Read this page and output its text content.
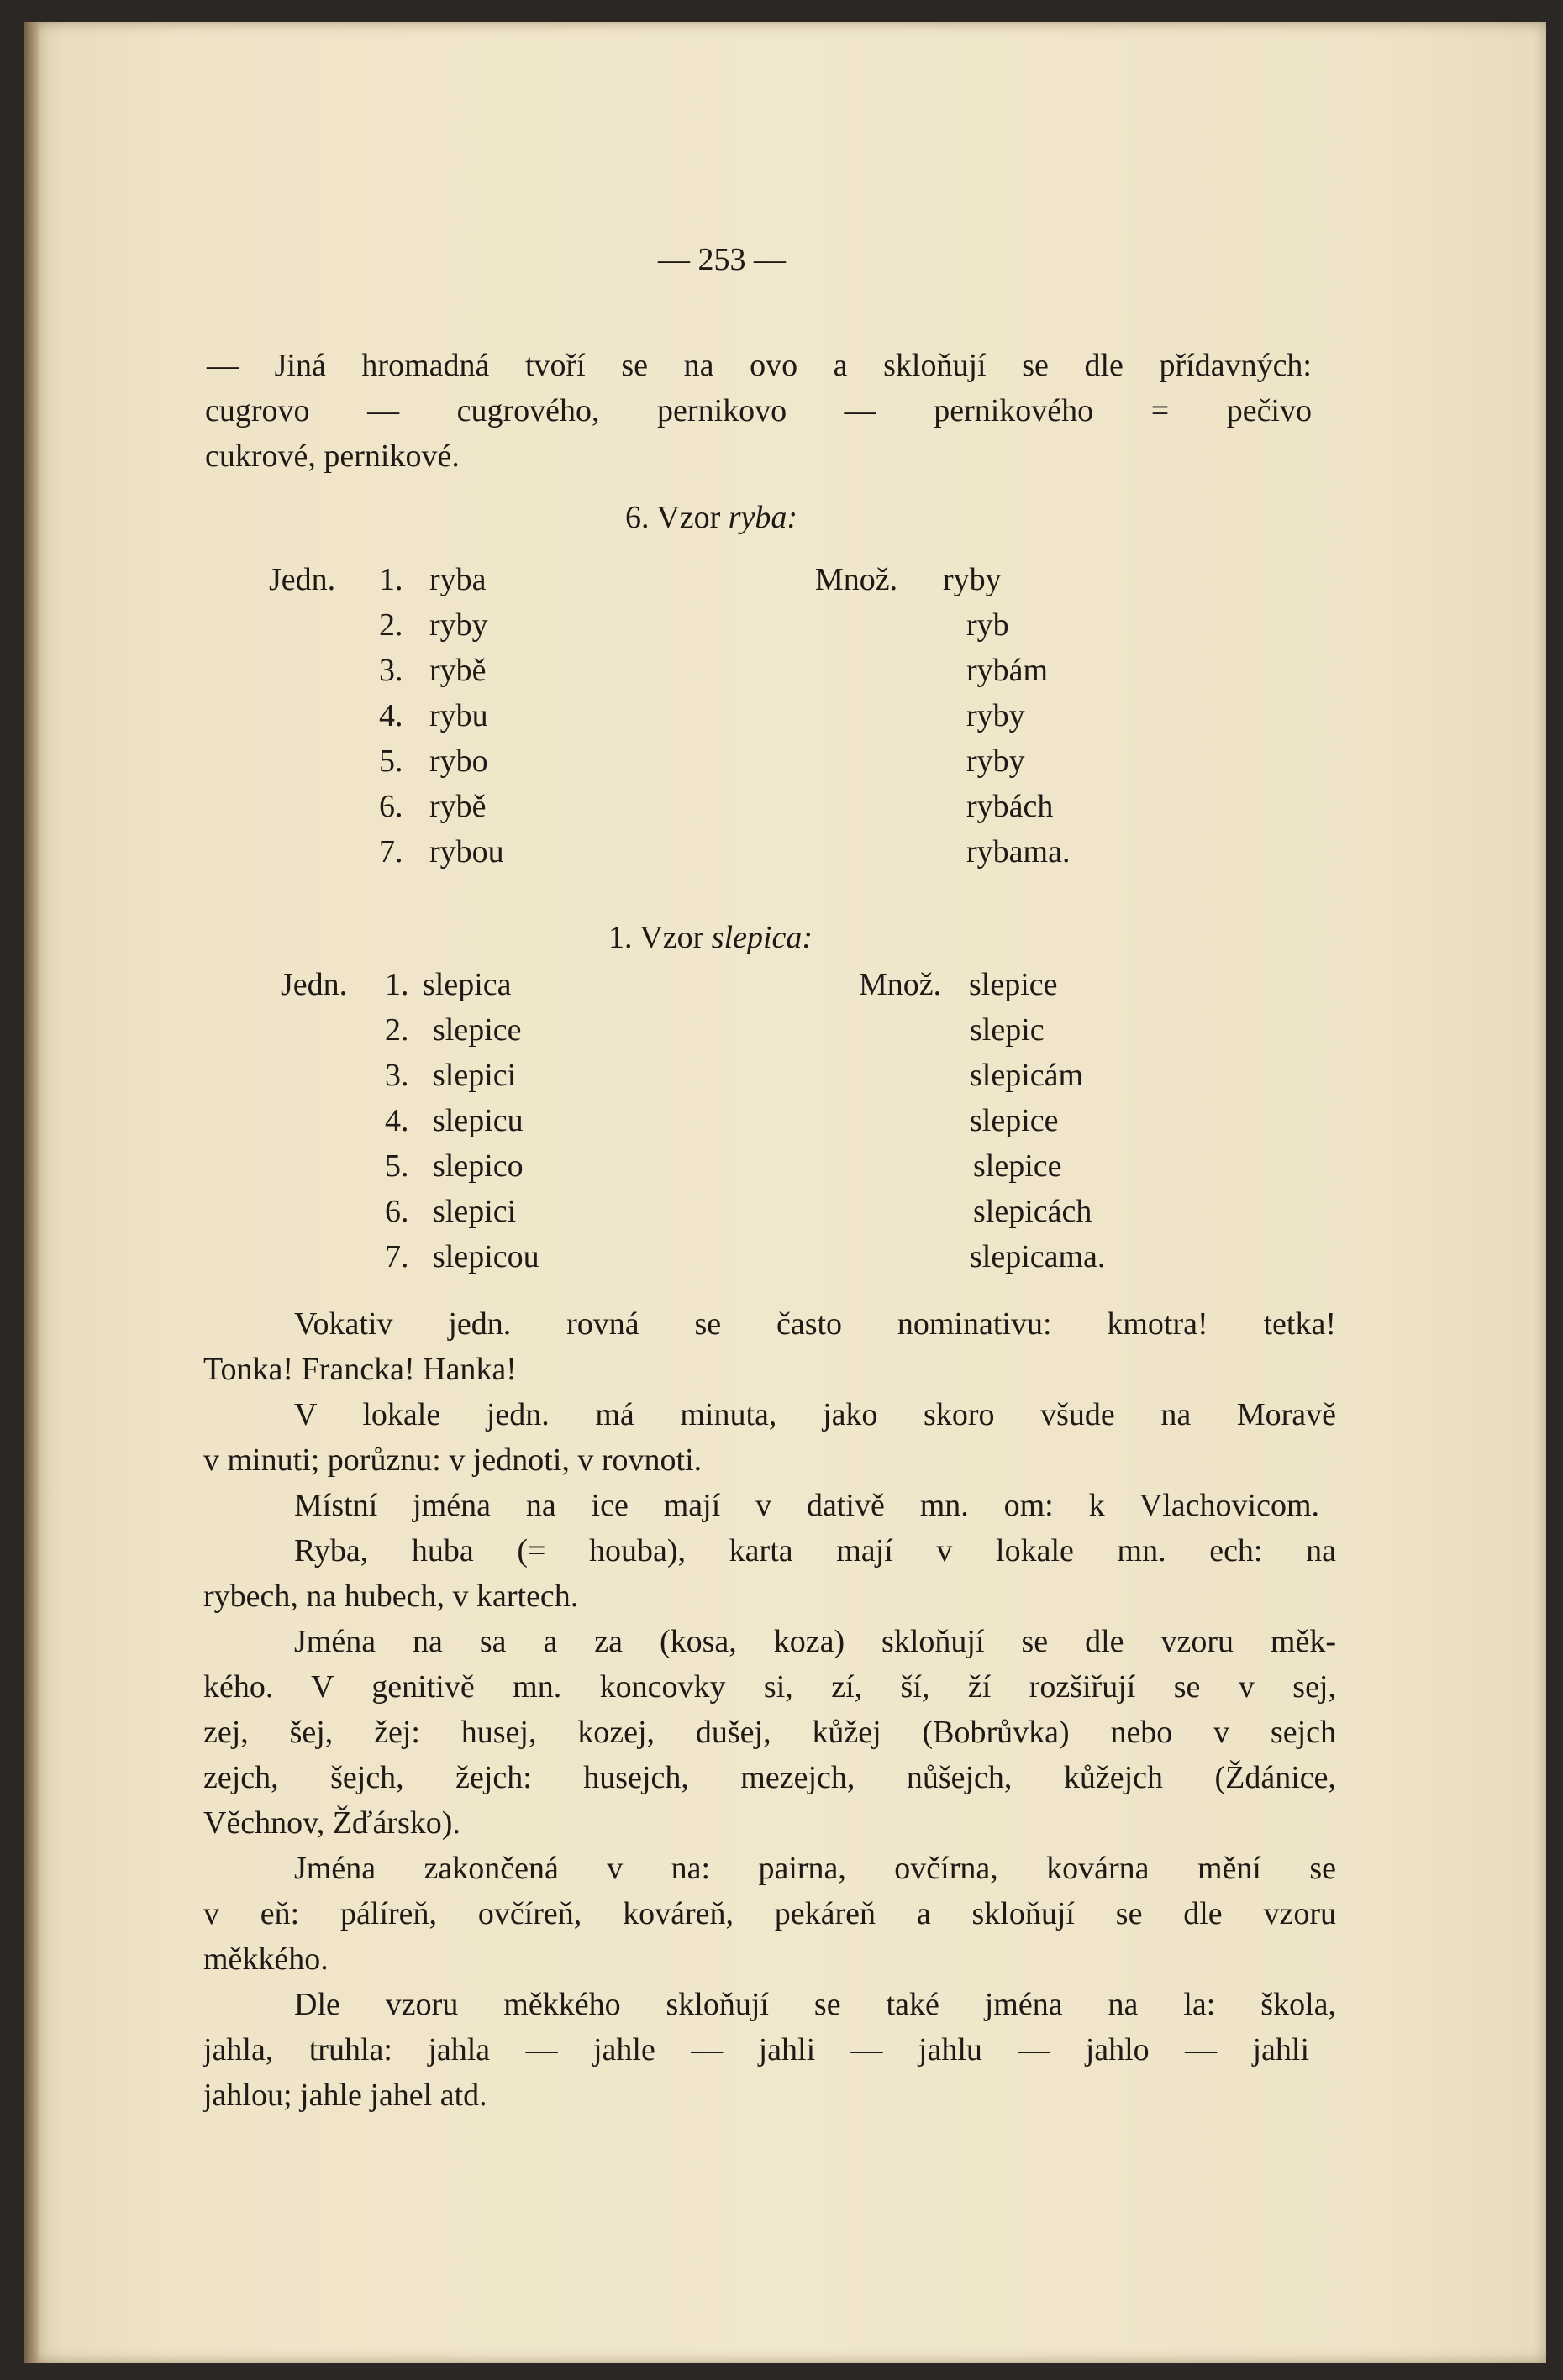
— 253 —
— Jiná hromadná tvoří se na ovo a skloňují se dle přídavných:
cugrovo — cugrového, pernikovo — pernikového = pečivo
cukrové, pernikové.
6. Vzor ryba:
Jedn.	Množ.
1. ryba	ryby
2. ryby	ryb
3. rybě	rybám
4. rybu	ryby
5. rybo	ryby
6. rybě	rybách
7. rybou	rybama.
1. Vzor slepica:
Jedn.	Množ.
1. slepica	slepice
2. slepice	slepic
3. slepici	slepicám
4. slepicu	slepice
5. slepico	slepice
6. slepici	slepicách
7. slepicou	slepicama.
Vokativ jedn. rovná se často nominativu: kmotra! tetka!
Tonka! Francka! Hanka!
V lokale jedn. má minuta, jako skoro všude na Moravě
v minuti; porůznu: v jednoti, v rovnoti.
Místní jména na ice mají v dativě mn. om: k Vlachovicom.
Ryba, huba (= houba), karta mají v lokale mn. ech: na
rybech, na hubech, v kartech.
Jména na sa a za (kosa, koza) skloňují se dle vzoru měk-
kého. V genitivě mn. koncovky si, zí, ší, ží rozšiřují se v sej,
zej, šej, žej: husej, kozej, dušej, kůžej (Bobrůvka) nebo v sejch
zejch, šejch, žejch: husejch, mezejch, nůšejch, kůžejch (Ždánice,
Věchnov, Žďársko).
Jména zakončená v na: pairna, ovčírna, kovárna mění se
v eň: pálíreň, ovčíreň, kováreň, pekáreň a skloňují se dle vzoru
měkkého.
Dle vzoru měkkého skloňují se také jména na la: škola,
jahla, truhla: jahla — jahle — jahli — jahlu — jahlo — jahli
jahlou; jahle jahel atd.
